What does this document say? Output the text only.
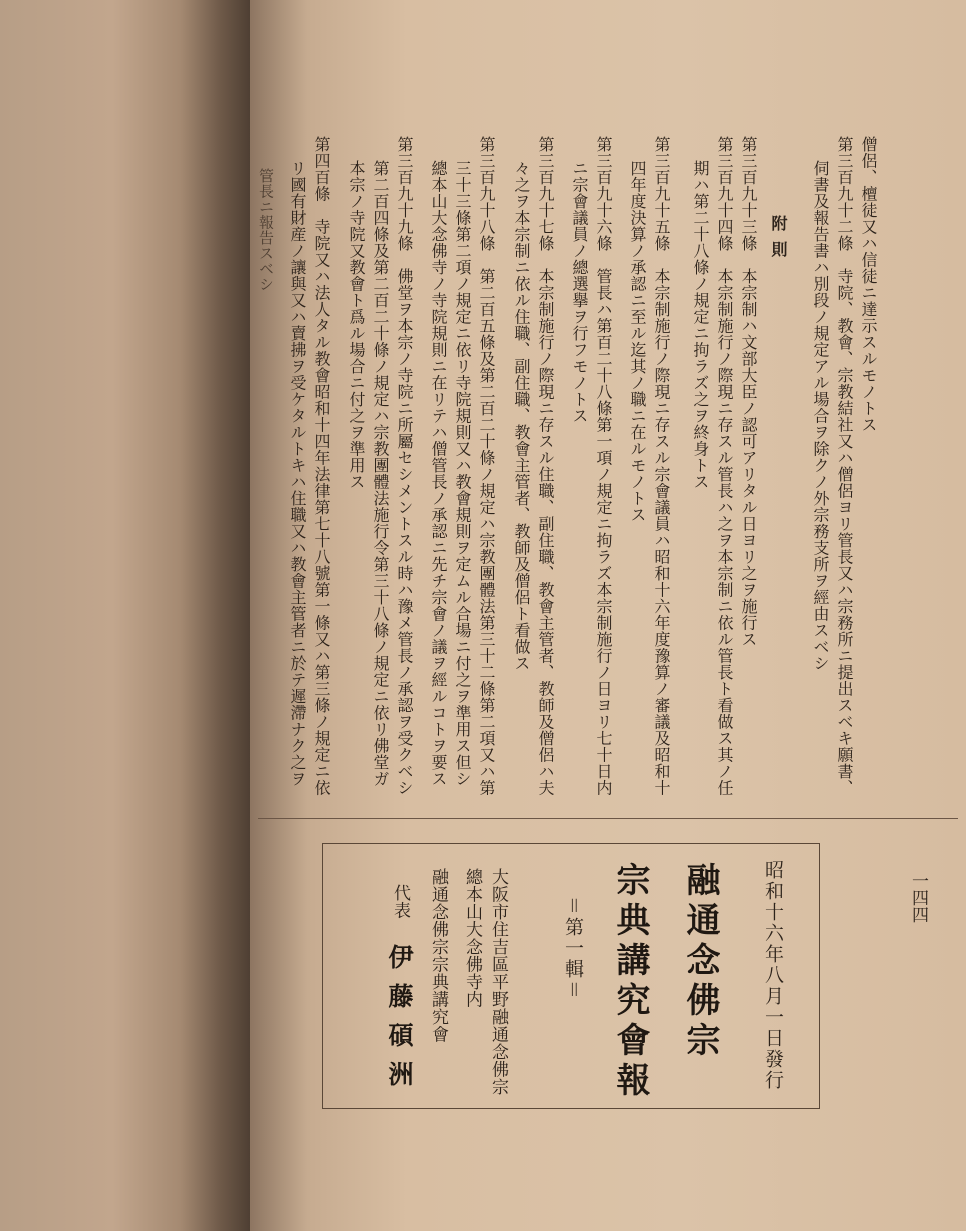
僧侶、檀徒又ハ信徒ニ達示スルモノトス
第三百九十二條　寺院、教會、宗教結社又ハ僧侶ヨリ管長又ハ宗務所ニ提出スベキ願書、
伺書及報告書ハ別段ノ規定アル場合ヲ除クノ外宗務支所ヲ經由スベシ
附則
第三百九十三條　本宗制ハ文部大臣ノ認可アリタル日ヨリ之ヲ施行ス
第三百九十四條　本宗制施行ノ際現ニ存スル管長ハ之ヲ本宗制ニ依ル管長ト看做ス其ノ任
期ハ第二十八條ノ規定ニ拘ラズ之ヲ終身トス
第三百九十五條　本宗制施行ノ際現ニ存スル宗會議員ハ昭和十六年度豫算ノ審議及昭和十
四年度決算ノ承認ニ至ル迄其ノ職ニ在ルモノトス
第三百九十六條　管長ハ第百二十八條第一項ノ規定ニ拘ラズ本宗制施行ノ日ヨリ七十日内
ニ宗會議員ノ總選擧ヲ行フモノトス
第三百九十七條　本宗制施行ノ際現ニ存スル住職、副住職、教會主管者、教師及僧侶ハ夫
々之ヲ本宗制ニ依ル住職、副住職、教會主管者、教師及僧侶ト看做ス
第三百九十八條　第二百五條及第二百二十條ノ規定ハ宗教團體法第三十二條第二項又ハ第
三十三條第二項ノ規定ニ依リ寺院規則又ハ教會規則ヲ定ムル合場ニ付之ヲ準用ス但シ
總本山大念佛寺ノ寺院規則ニ在リテハ僧管長ノ承認ニ先チ宗會ノ議ヲ經ルコトヲ要ス
第三百九十九條　佛堂ヲ本宗ノ寺院ニ所屬セシメントスル時ハ豫メ管長ノ承認ヲ受クベシ
第二百四條及第二百二十條ノ規定ハ宗教團體法施行令第三十八條ノ規定ニ依リ佛堂ガ
本宗ノ寺院又教會ト爲ル場合ニ付之ヲ準用ス
第四百條　寺院又ハ法人タル教會昭和十四年法律第七十八號第一條又ハ第三條ノ規定ニ依
リ國有財産ノ讓與又ハ賣拂ヲ受ケタルトキハ住職又ハ教會主管者ニ於テ遲滯ナク之ヲ
管長ニ報告スベシ
一四四
昭和十六年八月一日發行
融通念佛宗
宗典講究會報
＝第一輯＝
大阪市住吉區平野融通念佛宗
總本山大念佛寺内
融通念佛宗宗典講究會
代表
伊藤碩洲
